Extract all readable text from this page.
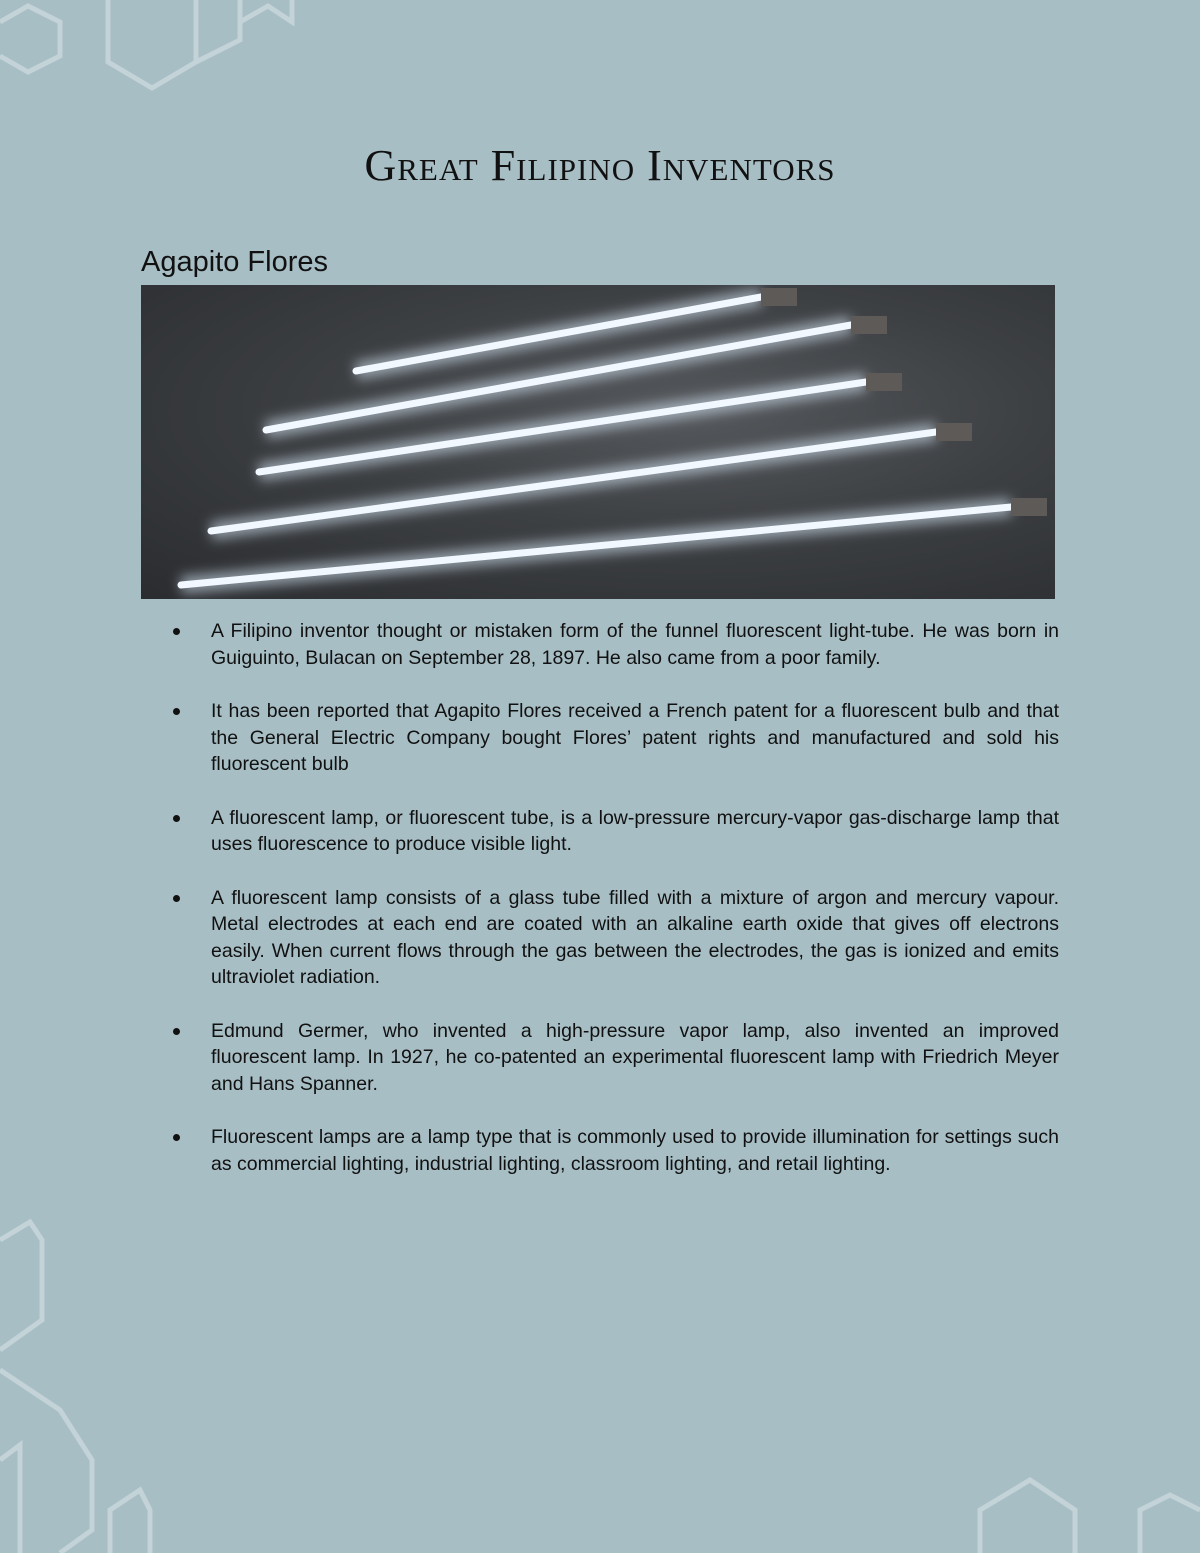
Great Filipino Inventors
Agapito Flores
A Filipino inventor thought or mistaken form of the funnel fluorescent light-tube. He was born in Guiguinto, Bulacan on September 28, 1897. He also came from a poor family.
It has been reported that Agapito Flores received a French patent for a fluorescent bulb and that the General Electric Company bought Flores’ patent rights and manufactured and sold his fluorescent bulb
A fluorescent lamp, or fluorescent tube, is a low-pressure mercury-vapor gas-discharge lamp that uses fluorescence to produce visible light.
A fluorescent lamp consists of a glass tube filled with a mixture of argon and mercury vapour. Metal electrodes at each end are coated with an alkaline earth oxide that gives off electrons easily. When current flows through the gas between the electrodes, the gas is ionized and emits ultraviolet radiation.
Edmund Germer, who invented a high-pressure vapor lamp, also invented an improved fluorescent lamp. In 1927, he co-patented an experimental fluorescent lamp with Friedrich Meyer and Hans Spanner.
Fluorescent lamps are a lamp type that is commonly used to provide illumination for settings such as commercial lighting, industrial lighting, classroom lighting, and retail lighting.
